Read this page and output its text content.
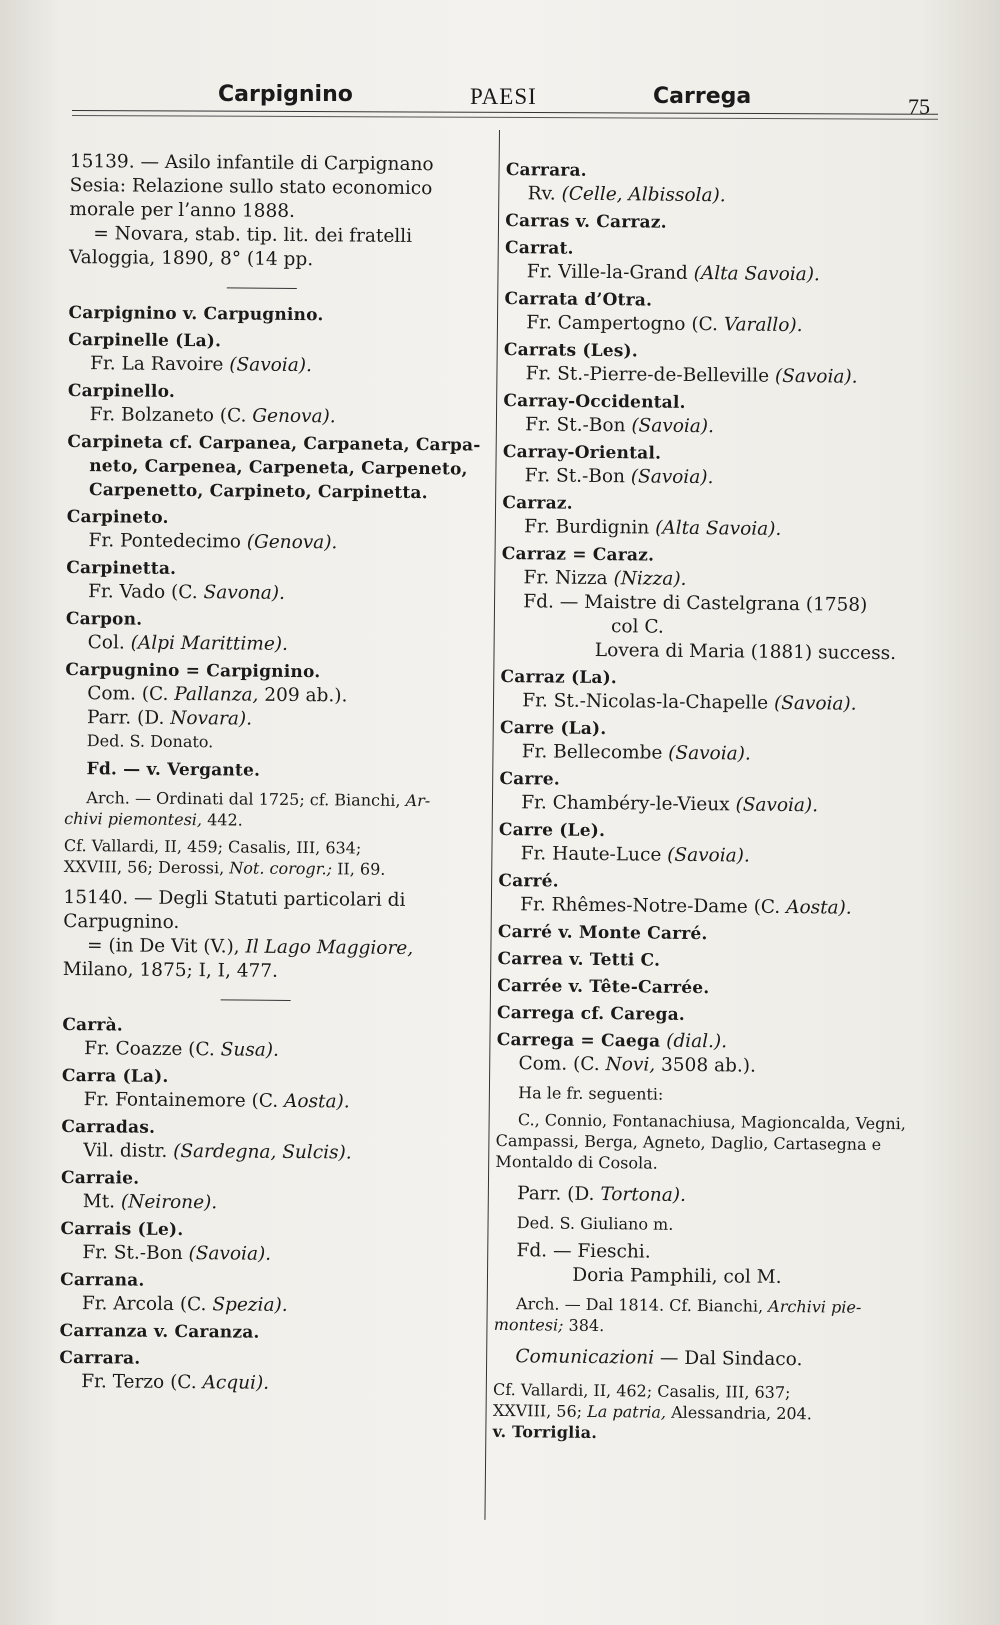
Carpignino	PAESI	Carrega	75
15139. — Asilo infantile di Carpignano
Sesia: Relazione sullo stato economico
morale per l’anno 1888.
= Novara, stab. tip. lit. dei fratelli
Valoggia, 1890, 8° (14 pp.
Carpignino v. Carpugnino.
Carpinelle (La).
Fr. La Ravoire (Savoia).
Carpinello.
Fr. Bolzaneto (C. Genova).
Carpineta cf. Carpanea, Carpaneta, Carpa-
neto, Carpenea, Carpeneta, Carpeneto,
Carpenetto, Carpineto, Carpinetta.
Carpineto.
Fr. Pontedecimo (Genova).
Carpinetta.
Fr. Vado (C. Savona).
Carpon.
Col. (Alpi Marittime).
Carpugnino = Carpignino.
Com. (C. Pallanza, 209 ab.).
Parr. (D. Novara).
Ded. S. Donato.
Fd. — v. Vergante.
Arch. — Ordinati dal 1725; cf. Bianchi, Ar-
chivi piemontesi, 442.
Cf. Vallardi, II, 459; Casalis, III, 634;
XXVIII, 56; Derossi, Not. corogr.; II, 69.
15140. — Degli Statuti particolari di
Carpugnino.
= (in De Vit (V.), Il Lago Maggiore,
Milano, 1875; I, I, 477.
Carrà.
Fr. Coazze (C. Susa).
Carra (La).
Fr. Fontainemore (C. Aosta).
Carradas.
Vil. distr. (Sardegna, Sulcis).
Carraie.
Mt. (Neirone).
Carrais (Le).
Fr. St.-Bon (Savoia).
Carrana.
Fr. Arcola (C. Spezia).
Carranza v. Caranza.
Carrara.
Fr. Terzo (C. Acqui).
Carrara.
Rv. (Celle, Albissola).
Carras v. Carraz.
Carrat.
Fr. Ville-la-Grand (Alta Savoia).
Carrata d’Otra.
Fr. Campertogno (C. Varallo).
Carrats (Les).
Fr. St.-Pierre-de-Belleville (Savoia).
Carray-Occidental.
Fr. St.-Bon (Savoia).
Carray-Oriental.
Fr. St.-Bon (Savoia).
Carraz.
Fr. Burdignin (Alta Savoia).
Carraz = Caraz.
Fr. Nizza (Nizza).
Fd. — Maistre di Castelgrana (1758)
col C.
Lovera di Maria (1881) success.
Carraz (La).
Fr. St.-Nicolas-la-Chapelle (Savoia).
Carre (La).
Fr. Bellecombe (Savoia).
Carre.
Fr. Chambéry-le-Vieux (Savoia).
Carre (Le).
Fr. Haute-Luce (Savoia).
Carré.
Fr. Rhêmes-Notre-Dame (C. Aosta).
Carré v. Monte Carré.
Carrea v. Tetti C.
Carrée v. Tête-Carrée.
Carrega cf. Carega.
Carrega = Caega (dial.).
Com. (C. Novi, 3508 ab.).
Ha le fr. seguenti:
C., Connio, Fontanachiusa, Magioncalda, Vegni,
Campassi, Berga, Agneto, Daglio, Cartasegna e
Montaldo di Cosola.
Parr. (D. Tortona).
Ded. S. Giuliano m.
Fd. — Fieschi.
Doria Pamphili, col M.
Arch. — Dal 1814. Cf. Bianchi, Archivi pie-
montesi; 384.
Comunicazioni — Dal Sindaco.
Cf. Vallardi, II, 462; Casalis, III, 637;
XXVIII, 56; La patria, Alessandria, 204.
v. Torriglia.
